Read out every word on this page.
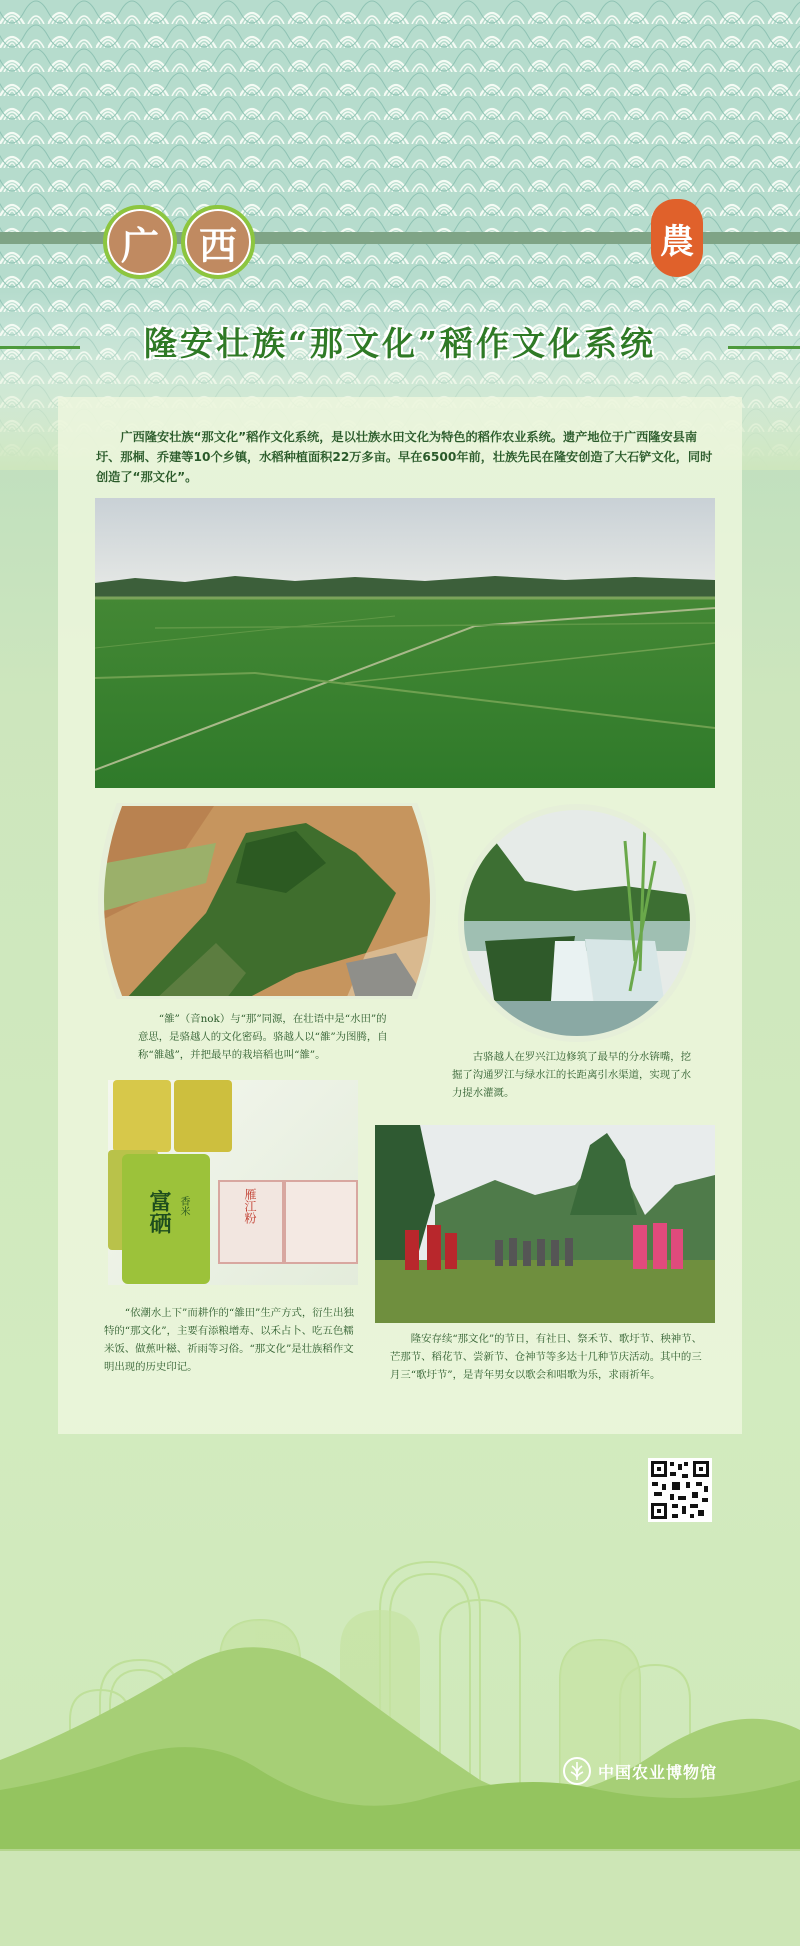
广	西	農
隆安壮族“那文化”稻作文化系统

广西隆安壮族“那文化”稻作文化系统，是以壮族水田文化为特色的稻作农业系统。遗产地位于广西隆安县南圩、那桐、乔建等10个乡镇，水稻种植面积22万多亩。早在6500年前，壮族先民在隆安创造了大石铲文化，同时创造了“那文化”。

“雒”（音nok）与“那”同源，在壮语中是“水田”的意思，是骆越人的文化密码。骆越人以“雒”为图腾，自称“雒越”，并把最早的栽培稻也叫“雒”。	古骆越人在罗兴江边修筑了最早的分水锛嘴，挖掘了沟通罗江与绿水江的长距离引水渠道，实现了水力提水灌溉。

富硒 香米	雁江粉

“依潮水上下”而耕作的“雒田”生产方式，衍生出独特的“那文化”，主要有添粮增寿、以禾占卜、吃五色糯米饭、做蕉叶糍、祈雨等习俗。“那文化”是壮族稻作文明出现的历史印记。

隆安存续“那文化”的节日，有社日、祭禾节、歌圩节、秧神节、芒那节、稻花节、尝新节、仓神节等多达十几种节庆活动。其中的三月三“歌圩节”，是青年男女以歌会和唱歌为乐，求雨祈年。

中国农业博物馆
